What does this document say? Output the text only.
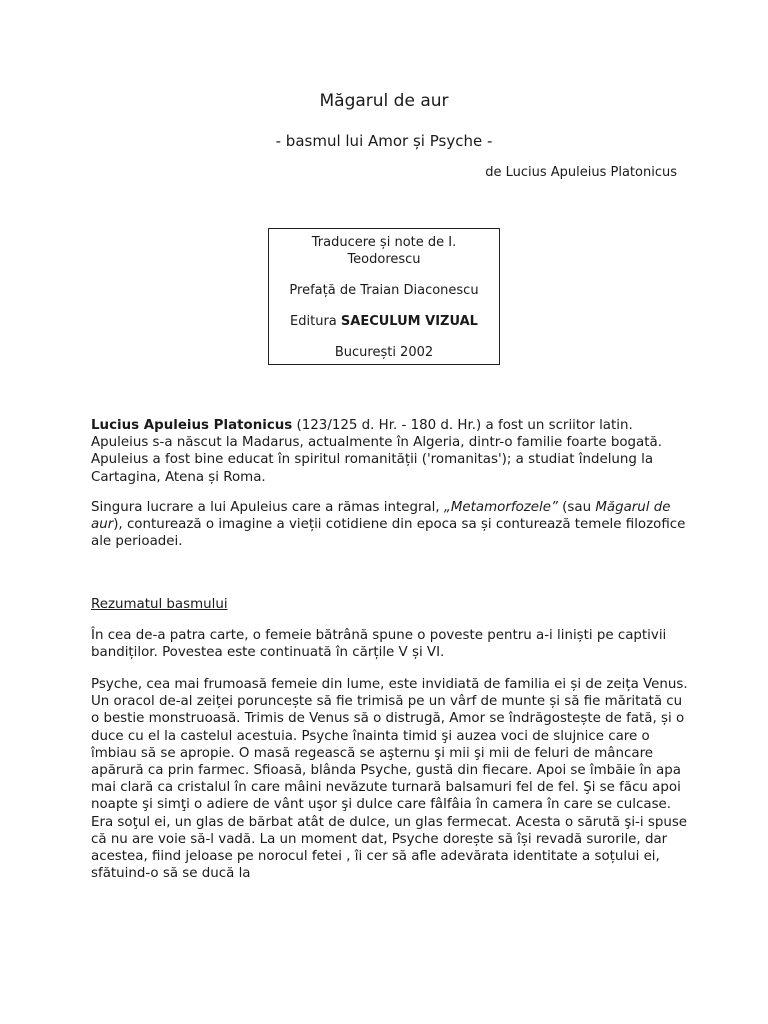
Măgarul de aur
- basmul lui Amor și Psyche -
de Lucius Apuleius Platonicus

Traducere și note de I. Teodorescu

Prefață de Traian Diaconescu

Editura SAECULUM VIZUAL

București 2002

Lucius Apuleius Platonicus (123/125 d. Hr. - 180 d. Hr.) a fost un scriitor latin. Apuleius s-a născut la Madarus, actualmente în Algeria, dintr-o familie foarte bogată. Apuleius a fost bine educat în spiritul romanității ('romanitas'); a studiat îndelung la Cartagina, Atena și Roma.
Singura lucrare a lui Apuleius care a rămas integral, „Metamorfozele” (sau Măgarul de aur), conturează o imagine a vieții cotidiene din epoca sa și conturează temele filozofice ale perioadei.
Rezumatul basmului
În cea de-a patra carte, o femeie bătrână spune o poveste pentru a-i liniști pe captivii bandiților. Povestea este continuată în cărțile V și VI.
Psyche, cea mai frumoasă femeie din lume, este invidiată de familia ei și de zeița Venus. Un oracol de-al zeiței poruncește să fie trimisă pe un vârf de munte și să fie măritată cu o bestie monstruoasă. Trimis de Venus să o distrugă, Amor se îndrăgostește de fată, și o duce cu el la castelul acestuia. Psyche înainta timid şi auzea voci de slujnice care o îmbiau să se apropie. O masă regească se aşternu şi mii şi mii de feluri de mâncare apărură ca prin farmec. Sfioasă, blânda Psyche, gustă din fiecare. Apoi se îmbăie în apa mai clară ca cristalul în care mâini nevăzute turnară balsamuri fel de fel. Şi se făcu apoi noapte şi simţi o adiere de vânt uşor şi dulce care fâlfâia în camera în care se culcase. Era soţul ei, un glas de bărbat atât de dulce, un glas fermecat. Acesta o sărută şi-i spuse că nu are voie să-l vadă. La un moment dat, Psyche dorește să își revadă surorile, dar acestea, fiind jeloase pe norocul fetei , îi cer să afle adevărata identitate a soțului ei, sfătuind-o să se ducă la
